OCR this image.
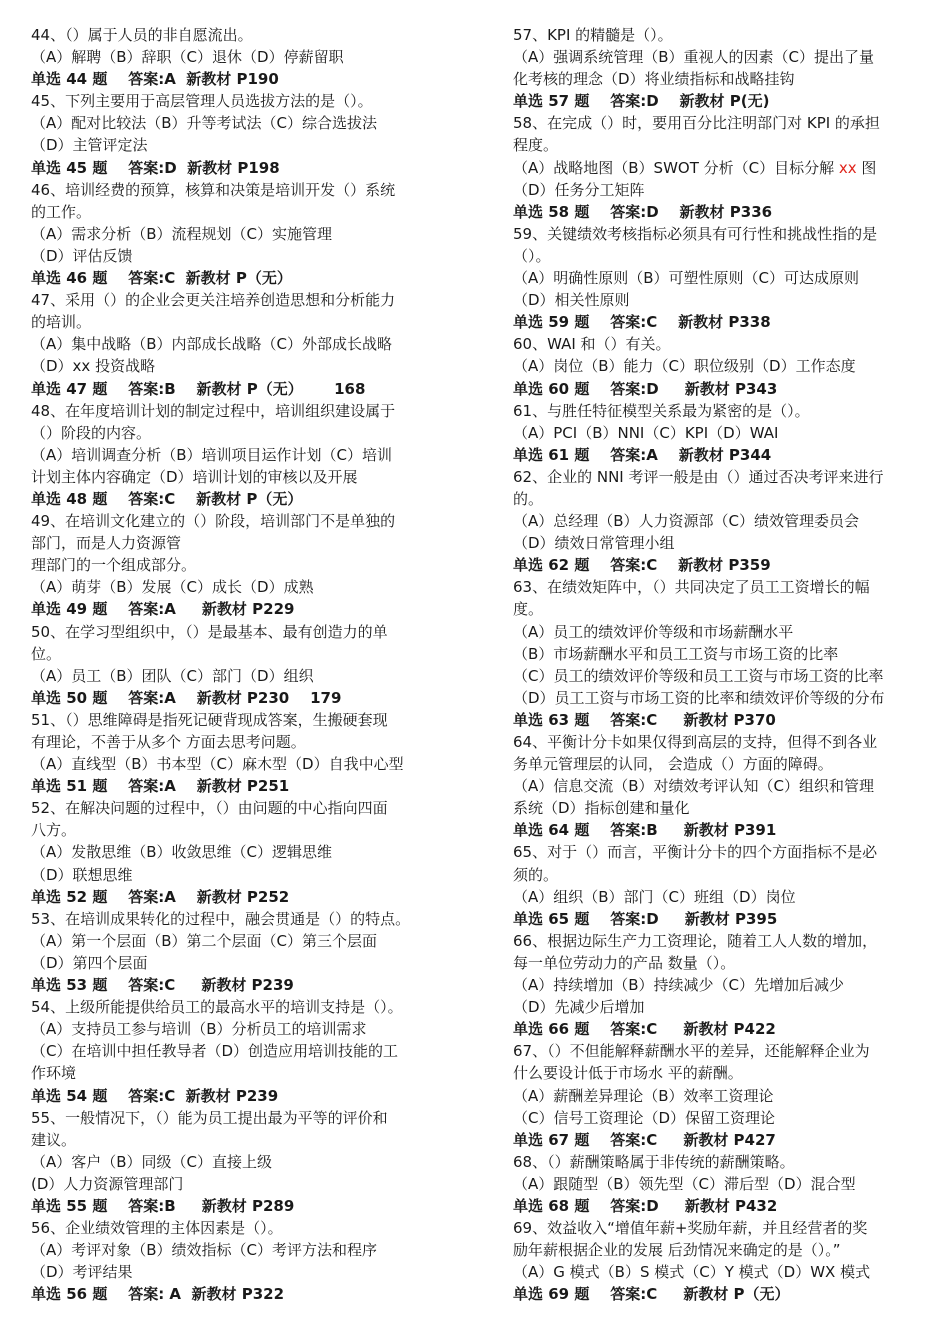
44、（）属于人员的非自愿流出。
（A）解聘（B）辞职（C）退休（D）停薪留职
单选 44 题    答案:A  新教材 P190
45、下列主要用于高层管理人员选拔方法的是（）。
（A）配对比较法（B）升等考试法（C）综合选拔法
（D）主管评定法
单选 45 题    答案:D  新教材 P198
46、培训经费的预算，核算和决策是培训开发（）系统
的工作。
（A）需求分析（B）流程规划（C）实施管理
（D）评估反馈
单选 46 题    答案:C  新教材 P（无）
47、采用（）的企业会更关注培养创造思想和分析能力
的培训。
（A）集中战略（B）内部成长战略（C）外部成长战略
（D）xx 投资战略
单选 47 题    答案:B    新教材 P（无）      168
48、在年度培训计划的制定过程中，培训组织建设属于
（）阶段的内容。
（A）培训调查分析（B）培训项目运作计划（C）培训
计划主体内容确定（D）培训计划的审核以及开展
单选 48 题    答案:C    新教材 P（无）
49、在培训文化建立的（）阶段，培训部门不是单独的
部门，而是人力资源管
理部门的一个组成部分。
（A）萌芽（B）发展（C）成长（D）成熟
单选 49 题    答案:A     新教材 P229
50、在学习型组织中，（）是最基本、最有创造力的单
位。
（A）员工（B）团队（C）部门（D）组织
单选 50 题    答案:A    新教材 P230    179
51、（）思维障碍是指死记硬背现成答案，生搬硬套现
有理论，不善于从多个 方面去思考问题。
（A）直线型（B）书本型（C）麻木型（D）自我中心型
单选 51 题    答案:A    新教材 P251
52、在解决问题的过程中，（）由问题的中心指向四面
八方。
（A）发散思维（B）收敛思维（C）逻辑思维
（D）联想思维
单选 52 题    答案:A    新教材 P252
53、在培训成果转化的过程中，融会贯通是（）的特点。
（A）第一个层面（B）第二个层面（C）第三个层面
（D）第四个层面
单选 53 题    答案:C     新教材 P239
54、上级所能提供给员工的最高水平的培训支持是（）。
（A）支持员工参与培训（B）分析员工的培训需求
（C）在培训中担任教导者（D）创造应用培训技能的工
作环境
单选 54 题    答案:C  新教材 P239
55、一般情况下，（）能为员工提出最为平等的评价和
建议。
（A）客户（B）同级（C）直接上级
(D）人力资源管理部门
单选 55 题    答案:B     新教材 P289
56、企业绩效管理的主体因素是（）。
（A）考评对象（B）绩效指标（C）考评方法和程序
（D）考评结果
单选 56 题    答案: A  新教材 P322
57、KPI 的精髓是（）。
（A）强调系统管理（B）重视人的因素（C）提出了量
化考核的理念（D）将业绩指标和战略挂钩
单选 57 题    答案:D    新教材 P(无)
58、在完成（）时，要用百分比注明部门对 KPI 的承担
程度。
（A）战略地图（B）SWOT 分析（C）目标分解 xx 图
（D）任务分工矩阵
单选 58 题    答案:D    新教材 P336
59、关键绩效考核指标必须具有可行性和挑战性指的是
（）。
（A）明确性原则（B）可塑性原则（C）可达成原则
（D）相关性原则
单选 59 题    答案:C    新教材 P338
60、WAI 和（）有关。
（A）岗位（B）能力（C）职位级别（D）工作态度
单选 60 题    答案:D     新教材 P343
61、与胜任特征模型关系最为紧密的是（）。
（A）PCI（B）NNI（C）KPI（D）WAI
单选 61 题    答案:A    新教材 P344
62、企业的 NNI 考评一般是由（）通过否决考评来进行
的。
（A）总经理（B）人力资源部（C）绩效管理委员会
（D）绩效日常管理小组
单选 62 题    答案:C    新教材 P359
63、在绩效矩阵中，（）共同决定了员工工资增长的幅
度。
（A）员工的绩效评价等级和市场薪酬水平
（B）市场薪酬水平和员工工资与市场工资的比率
（C）员工的绩效评价等级和员工工资与市场工资的比率
（D）员工工资与市场工资的比率和绩效评价等级的分布
单选 63 题    答案:C     新教材 P370
64、平衡计分卡如果仅得到高层的支持，但得不到各业
务单元管理层的认同， 会造成（）方面的障碍。
（A）信息交流（B）对绩效考评认知（C）组织和管理
系统（D）指标创建和量化
单选 64 题    答案:B     新教材 P391
65、对于（）而言，平衡计分卡的四个方面指标不是必
须的。
（A）组织（B）部门（C）班组（D）岗位
单选 65 题    答案:D     新教材 P395
66、根据边际生产力工资理论，随着工人人数的增加，
每一单位劳动力的产品 数量（）。
（A）持续增加（B）持续减少（C）先增加后减少
（D）先减少后增加
单选 66 题    答案:C     新教材 P422
67、（）不但能解释薪酬水平的差异，还能解释企业为
什么要设计低于市场水 平的薪酬。
（A）薪酬差异理论（B）效率工资理论
（C）信号工资理论（D）保留工资理论
单选 67 题    答案:C     新教材 P427
68、（）薪酬策略属于非传统的薪酬策略。
（A）跟随型（B）领先型（C）滞后型（D）混合型
单选 68 题    答案:D     新教材 P432
69、效益收入“增值年薪+奖励年薪，并且经营者的奖
励年薪根据企业的发展 后劲情况来确定的是（）。”
（A）G 模式（B）S 模式（C）Y 模式（D）WX 模式
单选 69 题    答案:C     新教材 P（无）
